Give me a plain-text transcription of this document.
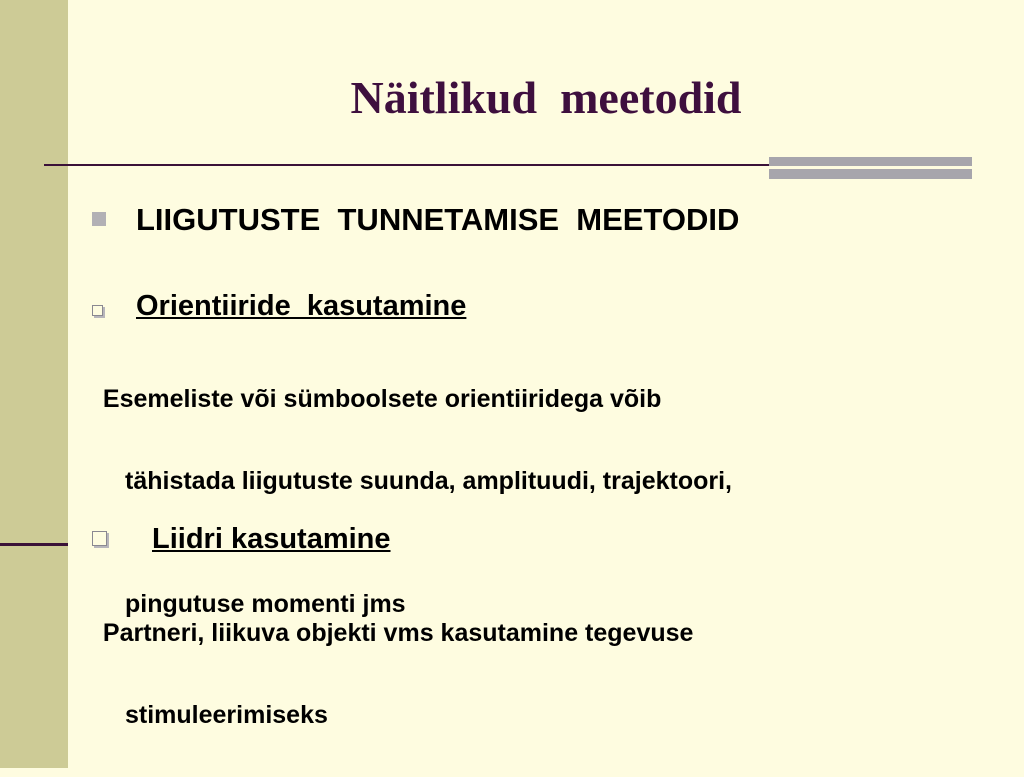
Näitlikud  meetodid
LIIGUTUSTE  TUNNETAMISE  MEETODID
Orientiiride  kasutamine

Esemeliste või sümboolsete orientiiridega võib

tähistada liigutuste suunda, amplituudi, trajektoori,

pingutuse momenti jms

Liidri kasutamine

Partneri, liikuva objekti vms kasutamine tegevuse

stimuleerimiseks
